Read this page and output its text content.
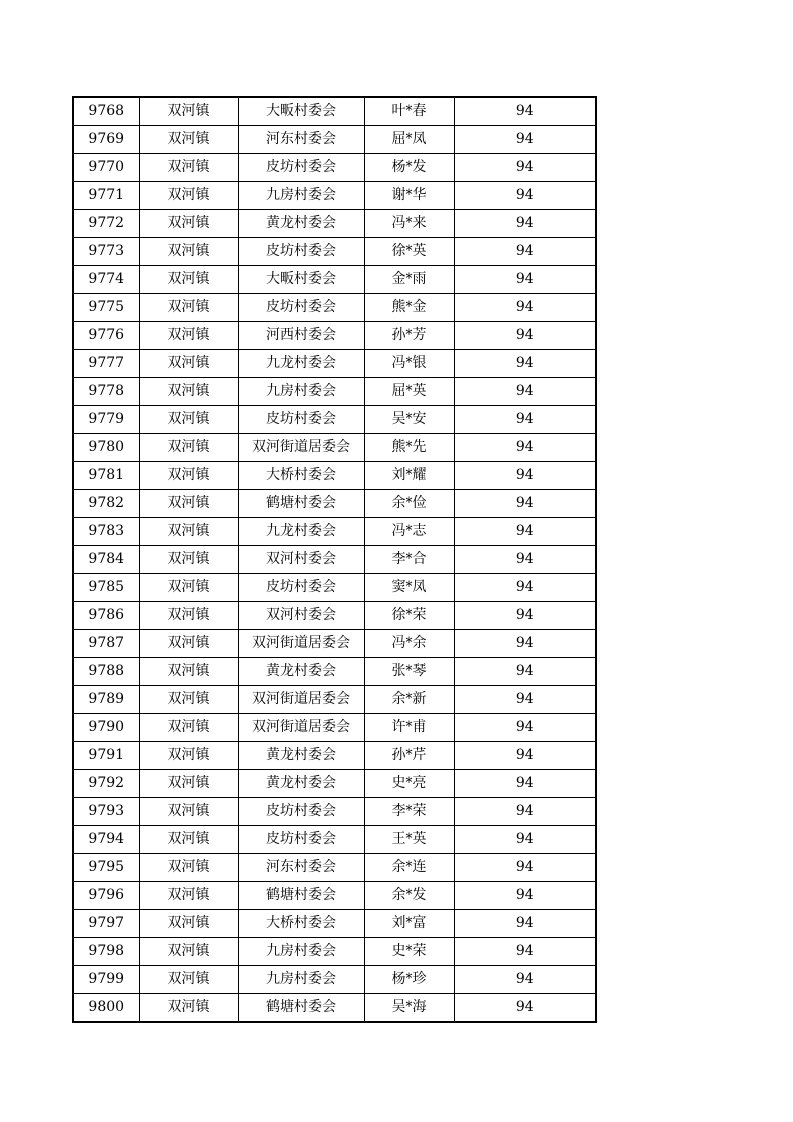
9768	双河镇	大畈村委会	叶*春	94
9769	双河镇	河东村委会	屈*凤	94
9770	双河镇	皮坊村委会	杨*发	94
9771	双河镇	九房村委会	谢*华	94
9772	双河镇	黄龙村委会	冯*来	94
9773	双河镇	皮坊村委会	徐*英	94
9774	双河镇	大畈村委会	金*雨	94
9775	双河镇	皮坊村委会	熊*金	94
9776	双河镇	河西村委会	孙*芳	94
9777	双河镇	九龙村委会	冯*银	94
9778	双河镇	九房村委会	屈*英	94
9779	双河镇	皮坊村委会	吴*安	94
9780	双河镇	双河街道居委会	熊*先	94
9781	双河镇	大桥村委会	刘*耀	94
9782	双河镇	鹤塘村委会	余*俭	94
9783	双河镇	九龙村委会	冯*志	94
9784	双河镇	双河村委会	李*合	94
9785	双河镇	皮坊村委会	窦*凤	94
9786	双河镇	双河村委会	徐*荣	94
9787	双河镇	双河街道居委会	冯*余	94
9788	双河镇	黄龙村委会	张*琴	94
9789	双河镇	双河街道居委会	余*新	94
9790	双河镇	双河街道居委会	许*甫	94
9791	双河镇	黄龙村委会	孙*芹	94
9792	双河镇	黄龙村委会	史*亮	94
9793	双河镇	皮坊村委会	李*荣	94
9794	双河镇	皮坊村委会	王*英	94
9795	双河镇	河东村委会	余*连	94
9796	双河镇	鹤塘村委会	余*发	94
9797	双河镇	大桥村委会	刘*富	94
9798	双河镇	九房村委会	史*荣	94
9799	双河镇	九房村委会	杨*珍	94
9800	双河镇	鹤塘村委会	吴*海	94
